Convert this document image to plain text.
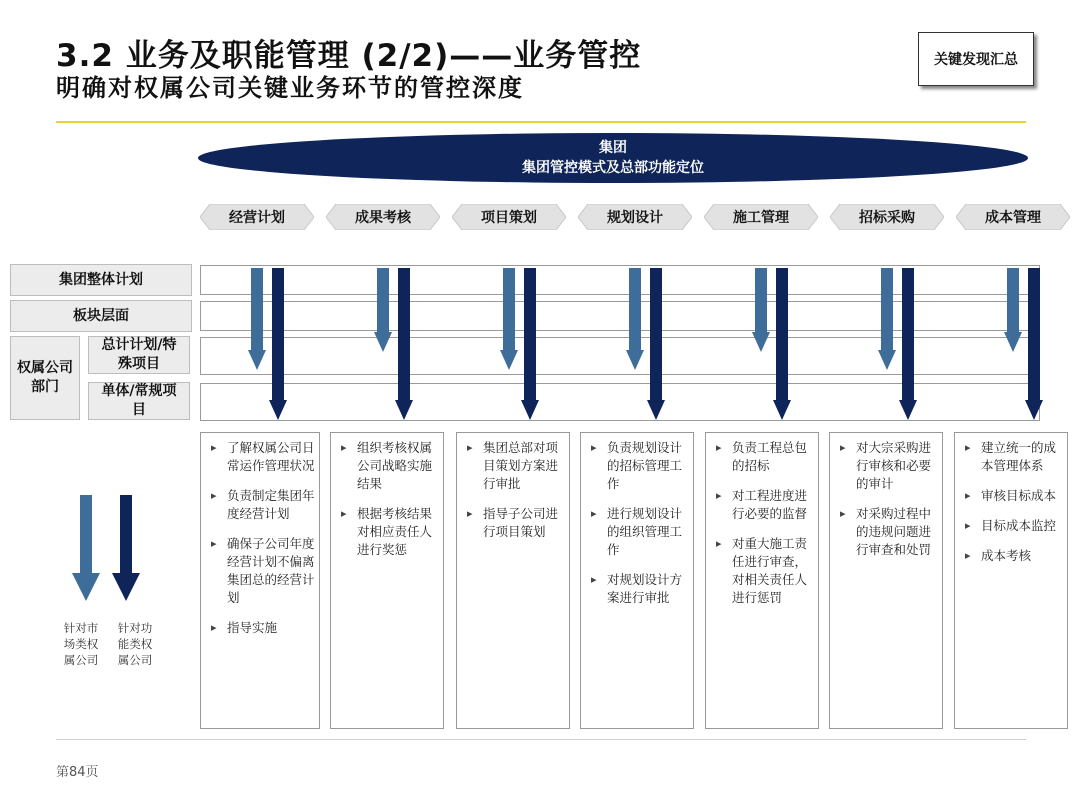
3.2 业务及职能管理 (2/2)——业务管控
明确对权属公司关键业务环节的管控深度
关键发现汇总
集团
集团管控模式及总部功能定位
经营计划	成果考核	项目策划	规划设计	施工管理	招标采购	成本管理
集团整体计划
板块层面
权属公司部门
总计计划/特殊项目
单体/常规项目
▸ 了解权属公司日常运作管理状况
▸ 负责制定集团年度经营计划
▸ 确保子公司年度经营计划不偏离集团总的经营计划
▸ 指导实施
▸ 组织考核权属公司战略实施结果
▸ 根据考核结果对相应责任人进行奖惩
▸ 集团总部对项目策划方案进行审批
▸ 指导子公司进行项目策划
▸ 负责规划设计的招标管理工作
▸ 进行规划设计的组织管理工作
▸ 对规划设计方案进行审批
▸ 负责工程总包的招标
▸ 对工程进度进行必要的监督
▸ 对重大施工责任进行审查，对相关责任人进行惩罚
▸ 对大宗采购进行审核和必要的审计
▸ 对采购过程中的违规问题进行审查和处罚
▸ 建立统一的成本管理体系
▸ 审核目标成本
▸ 目标成本监控
▸ 成本考核
针对市场类权属公司
针对功能类权属公司
第84页
